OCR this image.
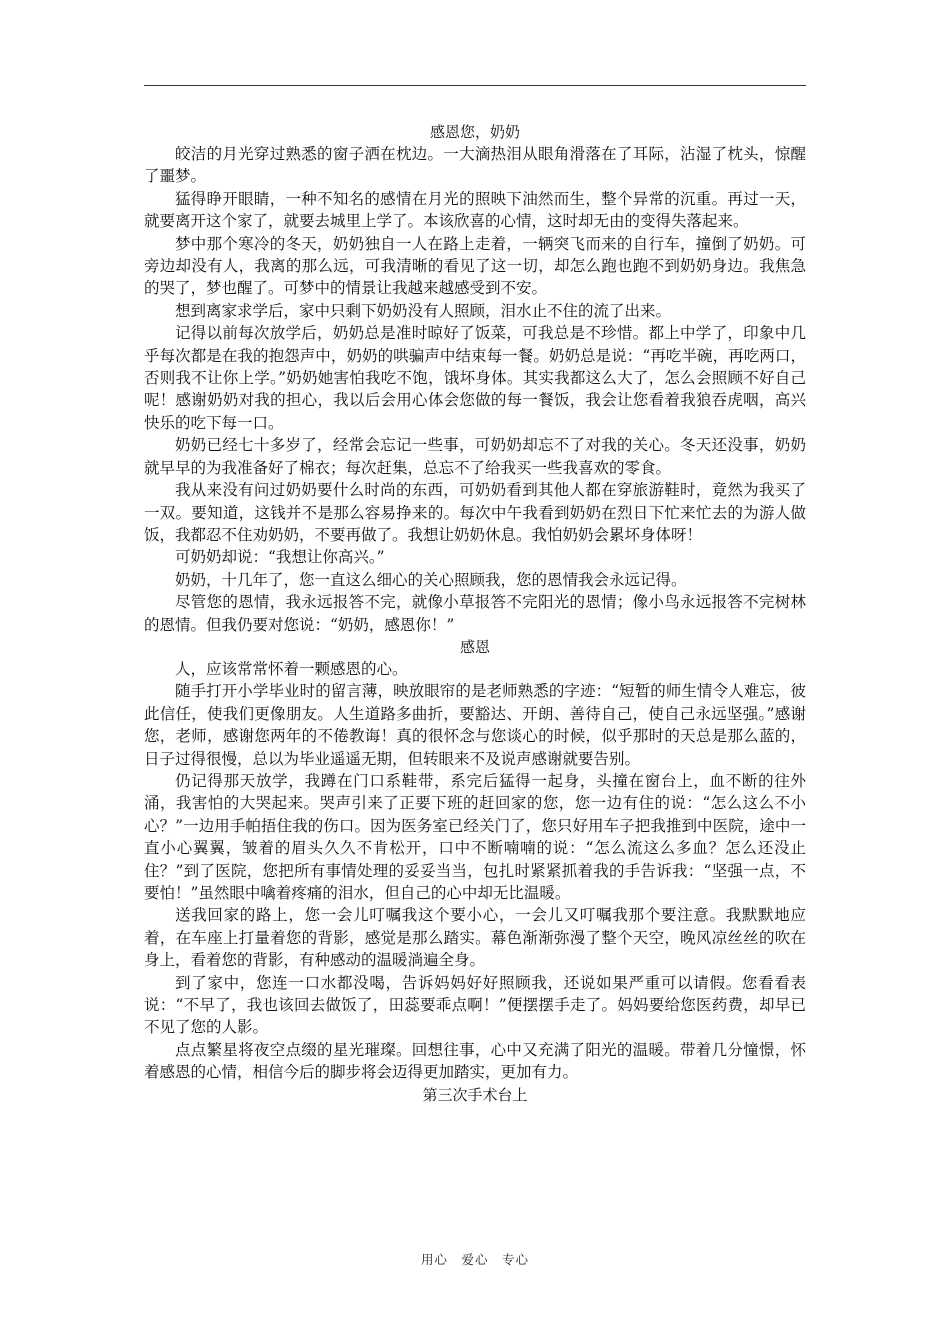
感恩您，奶奶

皎洁的月光穿过熟悉的窗子洒在枕边。一大滴热泪从眼角滑落在了耳际，沾湿了枕头，惊醒了噩梦。

猛得睁开眼睛，一种不知名的感情在月光的照映下油然而生，整个异常的沉重。再过一天，就要离开这个家了，就要去城里上学了。本该欣喜的心情，这时却无由的变得失落起来。

梦中那个寒冷的冬天，奶奶独自一人在路上走着，一辆突飞而来的自行车，撞倒了奶奶。可旁边却没有人，我离的那么远，可我清晰的看见了这一切，却怎么跑也跑不到奶奶身边。我焦急的哭了，梦也醒了。可梦中的情景让我越来越感受到不安。

想到离家求学后，家中只剩下奶奶没有人照顾，泪水止不住的流了出来。

记得以前每次放学后，奶奶总是准时晾好了饭菜，可我总是不珍惜。都上中学了，印象中几乎每次都是在我的抱怨声中，奶奶的哄骗声中结束每一餐。奶奶总是说：“再吃半碗，再吃两口，否则我不让你上学。”奶奶她害怕我吃不饱，饿坏身体。其实我都这么大了，怎么会照顾不好自己呢！感谢奶奶对我的担心，我以后会用心体会您做的每一餐饭，我会让您看着我狼吞虎咽，高兴快乐的吃下每一口。

奶奶已经七十多岁了，经常会忘记一些事，可奶奶却忘不了对我的关心。冬天还没事，奶奶就早早的为我准备好了棉衣；每次赶集，总忘不了给我买一些我喜欢的零食。

我从来没有问过奶奶要什么时尚的东西，可奶奶看到其他人都在穿旅游鞋时，竟然为我买了一双。要知道，这钱并不是那么容易挣来的。每次中午我看到奶奶在烈日下忙来忙去的为游人做饭，我都忍不住劝奶奶，不要再做了。我想让奶奶休息。我怕奶奶会累坏身体呀！

可奶奶却说：“我想让你高兴。”

奶奶，十几年了，您一直这么细心的关心照顾我，您的恩情我会永远记得。

尽管您的恩情，我永远报答不完，就像小草报答不完阳光的恩情；像小鸟永远报答不完树林的恩情。但我仍要对您说：“奶奶，感恩你！”

感恩

人，应该常常怀着一颗感恩的心。

随手打开小学毕业时的留言薄，映放眼帘的是老师熟悉的字迹：“短暂的师生情令人难忘，彼此信任，使我们更像朋友。人生道路多曲折，要豁达、开朗、善待自己，使自己永远坚强。”感谢您，老师，感谢您两年的不倦教诲！真的很怀念与您谈心的时候，似乎那时的天总是那么蓝的，日子过得很慢，总以为毕业遥遥无期，但转眼来不及说声感谢就要告别。

仍记得那天放学，我蹲在门口系鞋带，系完后猛得一起身，头撞在窗台上，血不断的往外涌，我害怕的大哭起来。哭声引来了正要下班的赶回家的您，您一边有住的说：“怎么这么不小心？”一边用手帕捂住我的伤口。因为医务室已经关门了，您只好用车子把我推到中医院，途中一直小心翼翼，皱着的眉头久久不肯松开，口中不断喃喃的说：“怎么流这么多血？怎么还没止住？”到了医院，您把所有事情处理的妥妥当当，包扎时紧紧抓着我的手告诉我：“坚强一点，不要怕！”虽然眼中噙着疼痛的泪水，但自己的心中却无比温暖。

送我回家的路上，您一会儿叮嘱我这个要小心，一会儿又叮嘱我那个要注意。我默默地应着，在车座上打量着您的背影，感觉是那么踏实。幕色渐渐弥漫了整个天空，晚风凉丝丝的吹在身上，看着您的背影，有种感动的温暖淌遍全身。

到了家中，您连一口水都没喝，告诉妈妈好好照顾我，还说如果严重可以请假。您看看表说：“不早了，我也该回去做饭了，田蕊要乖点啊！”便摆摆手走了。妈妈要给您医药费，却早已不见了您的人影。

点点繁星将夜空点缀的星光璀璨。回想往事，心中又充满了阳光的温暖。带着几分憧憬，怀着感恩的心情，相信今后的脚步将会迈得更加踏实，更加有力。

第三次手术台上
用心　爱心　专心
